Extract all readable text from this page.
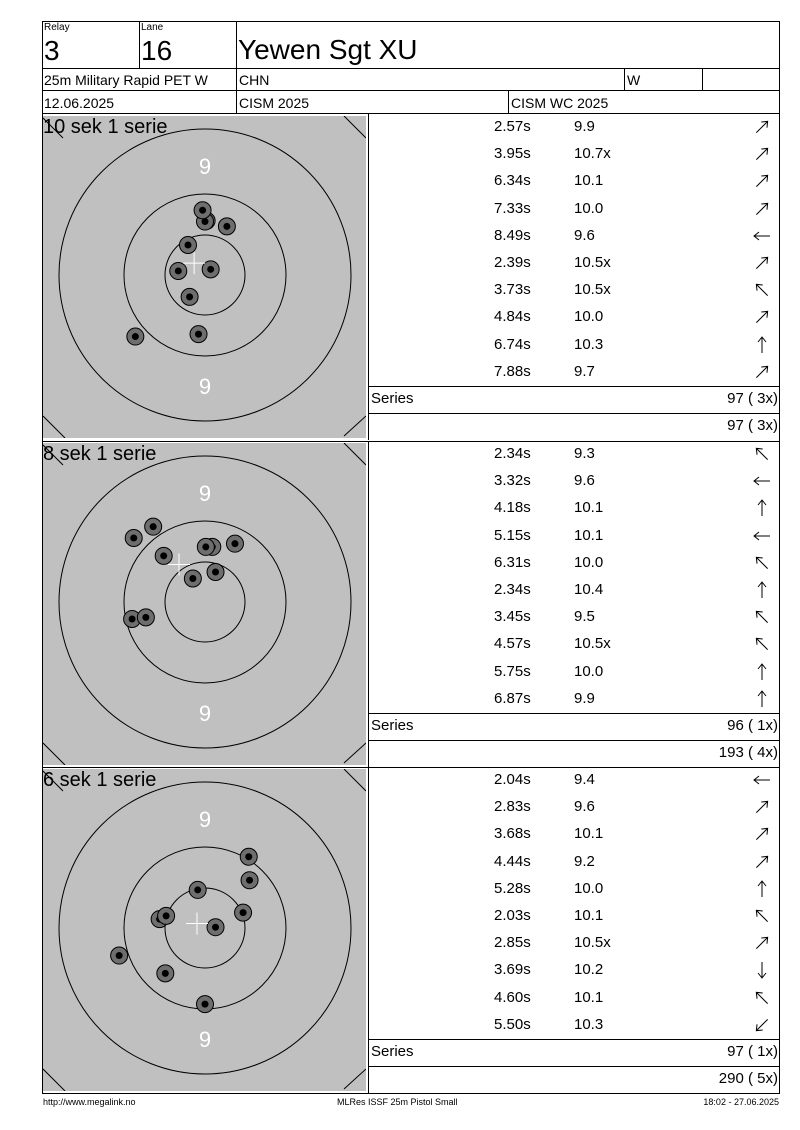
Relay
3
Lane
16 Yewen Sgt XU
25m Military Rapid PET W CHN	W
12.06.2025	CISM 2025	CISM WC 2025
9
9
10 sek 1 serie	2.57s	9.9
3.95s	10.7x
6.34s	10.1
7.33s	10.0
8.49s	9.6
2.39s	10.5x
3.73s	10.5x
4.84s	10.0
6.74s	10.3
7.88s	9.7
Series	97 ( 3x)
97 ( 3x)
9
9
8 sek 1 serie	2.34s	9.3
3.32s	9.6
4.18s	10.1
5.15s	10.1
6.31s	10.0
2.34s	10.4
3.45s	9.5
4.57s	10.5x
5.75s	10.0
6.87s	9.9
Series	96 ( 1x)
193 ( 4x)
9
9
6 sek 1 serie	2.04s	9.4
2.83s	9.6
3.68s	10.1
4.44s	9.2
5.28s	10.0
2.03s	10.1
2.85s	10.5x
3.69s	10.2
4.60s	10.1
5.50s	10.3
Series	97 ( 1x)
290 ( 5x)
http://www.megalink.no	MLRes ISSF 25m Pistol Small	18:02 - 27.06.2025
